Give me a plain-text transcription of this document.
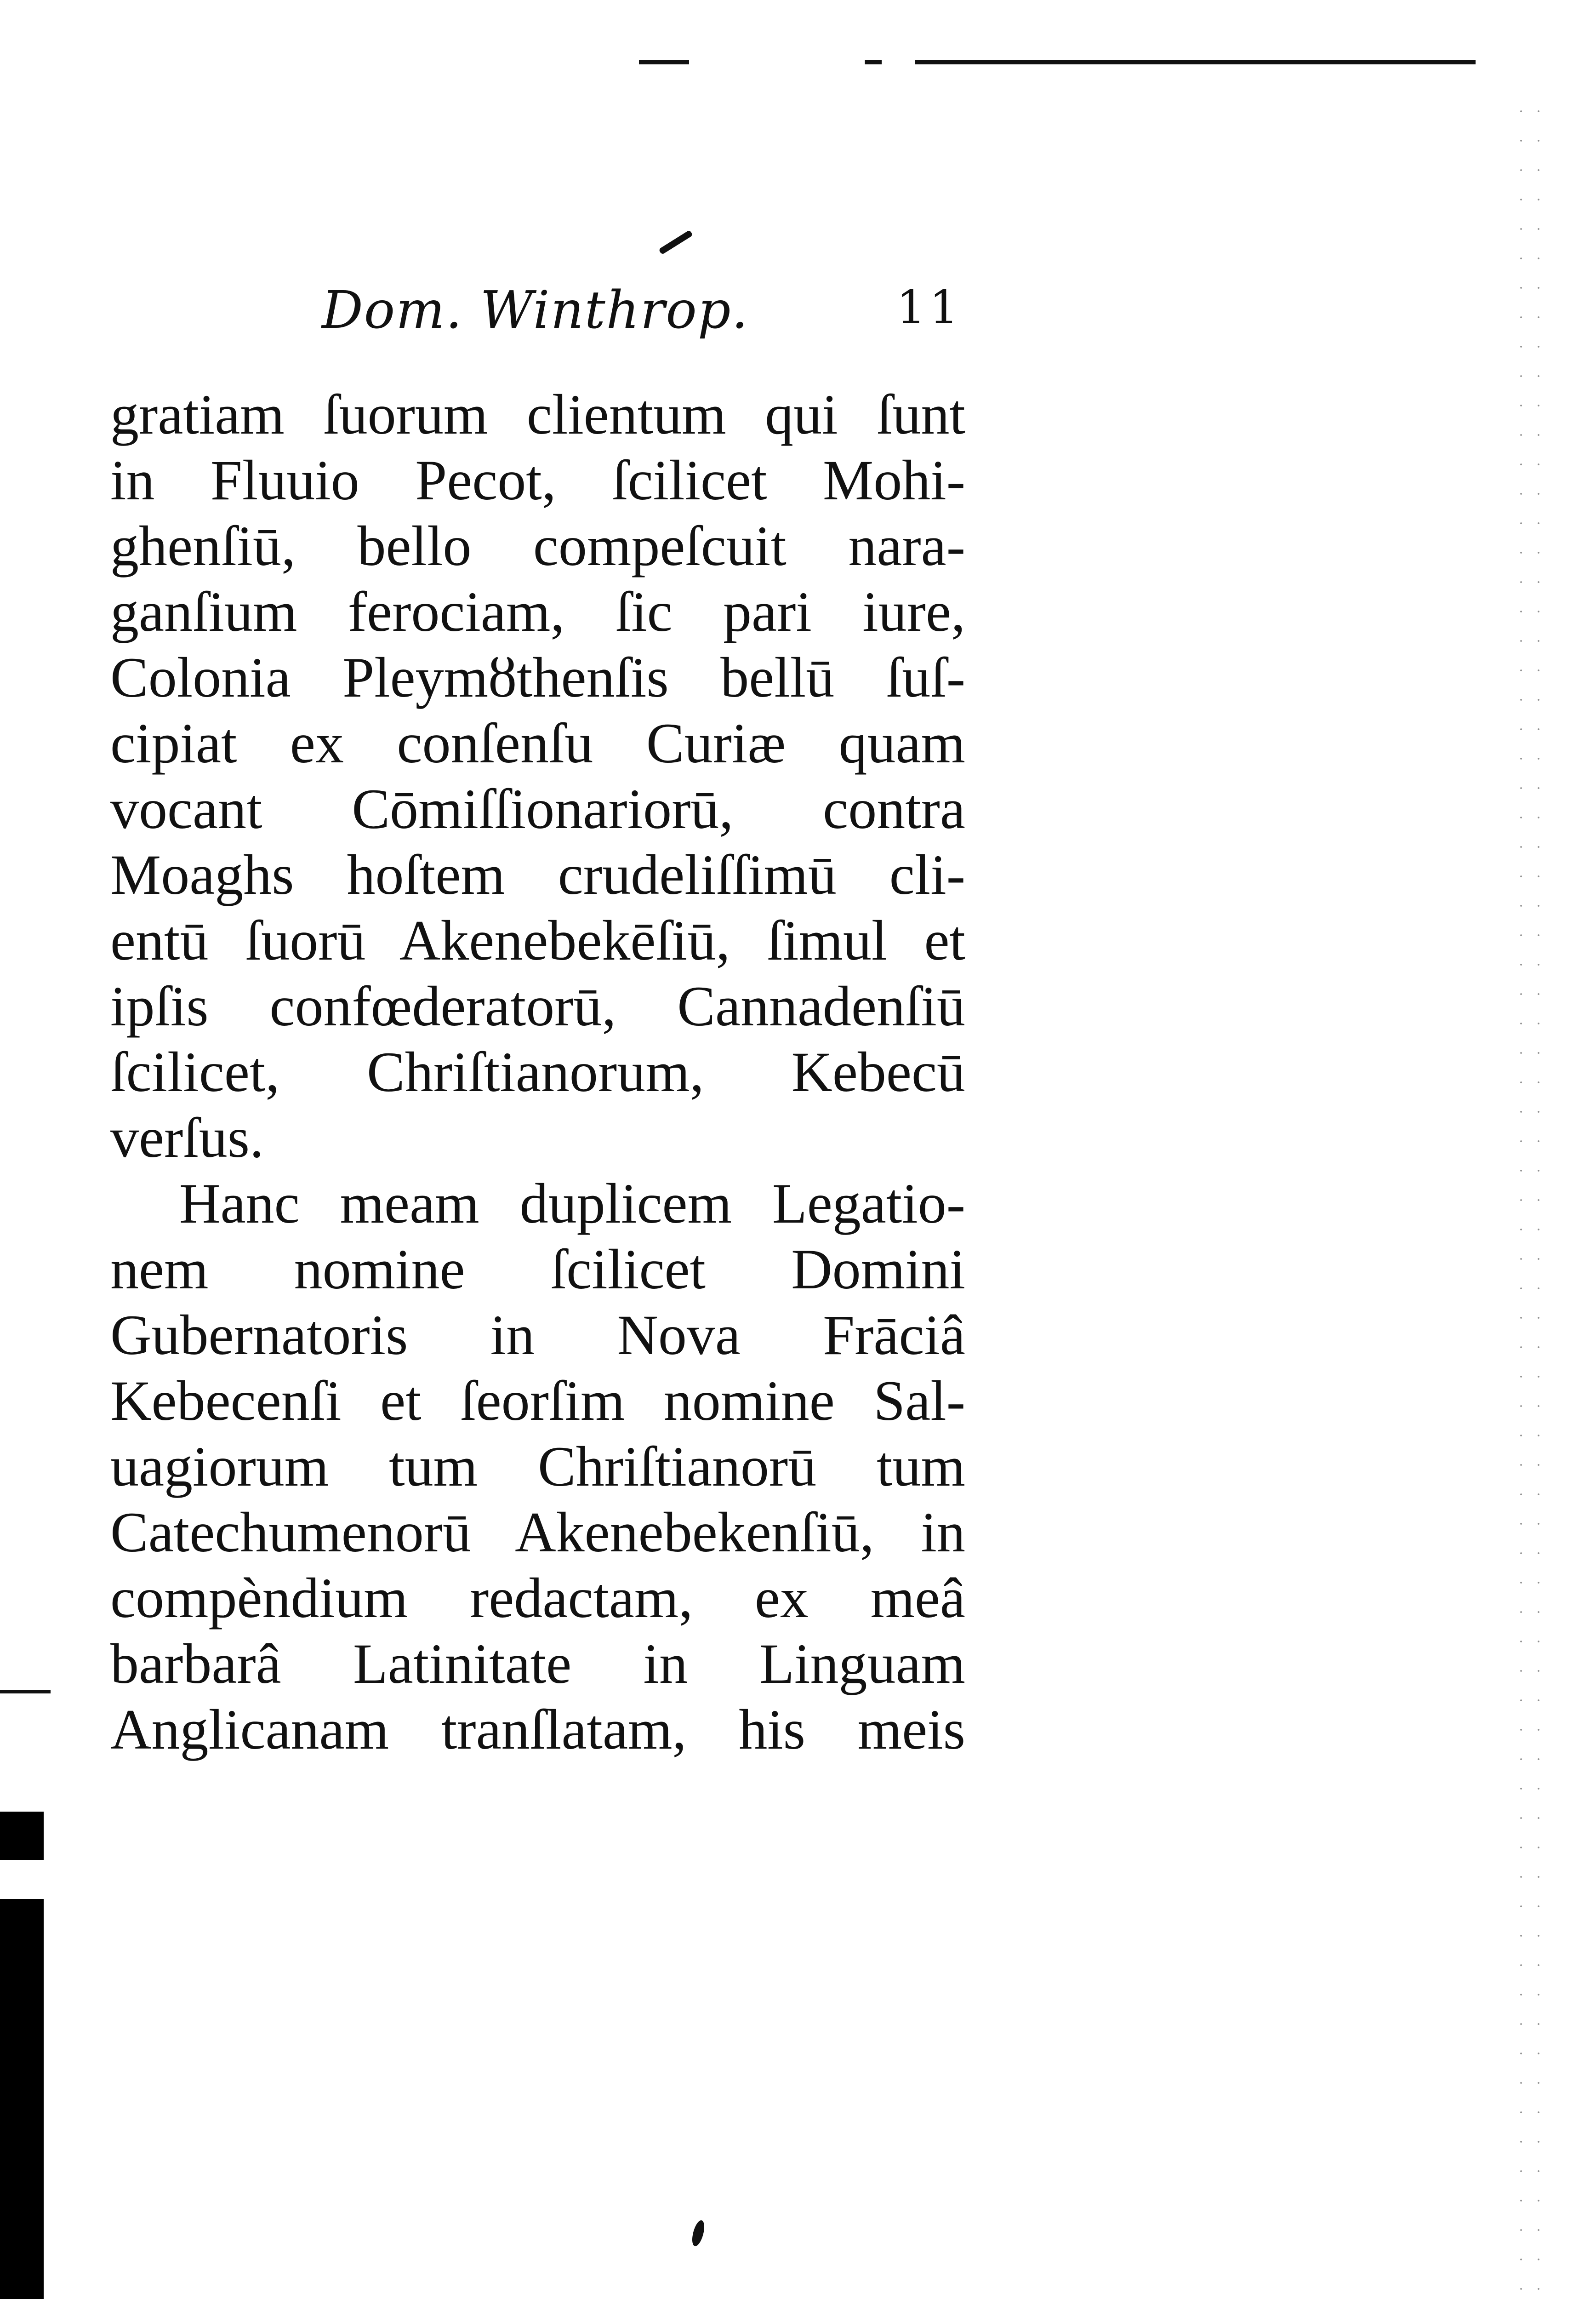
Dom. Winthrop.	11
gratiam ſuorum clientum qui ſunt
in Fluuio Pecot, ſcilicet Mohi-
ghenſiū, bello compeſcuit nara-
ganſium ferociam, ſic pari iure,
Colonia Pleymȣthenſis bellū ſuſ-
cipiat ex conſenſu Curiæ quam
vocant Cōmiſſionariorū, contra
Moaghs hoſtem crudeliſſimū cli-
entū ſuorū Akenebekēſiū, ſimul et
ipſis confœderatorū, Cannadenſiū
ſcilicet, Chriſtianorum, Kebecū
verſus.
Hanc meam duplicem Legatio-
nem nomine ſcilicet Domini
Gubernatoris in Nova Frāciâ
Kebecenſi et ſeorſim nomine Sal-
uagiorum tum Chriſtianorū tum
Catechumenorū Akenebekenſiū, in
compèndium redactam, ex meâ
barbarâ Latinitate in Linguam
Anglicanam tranſlatam, his meis
